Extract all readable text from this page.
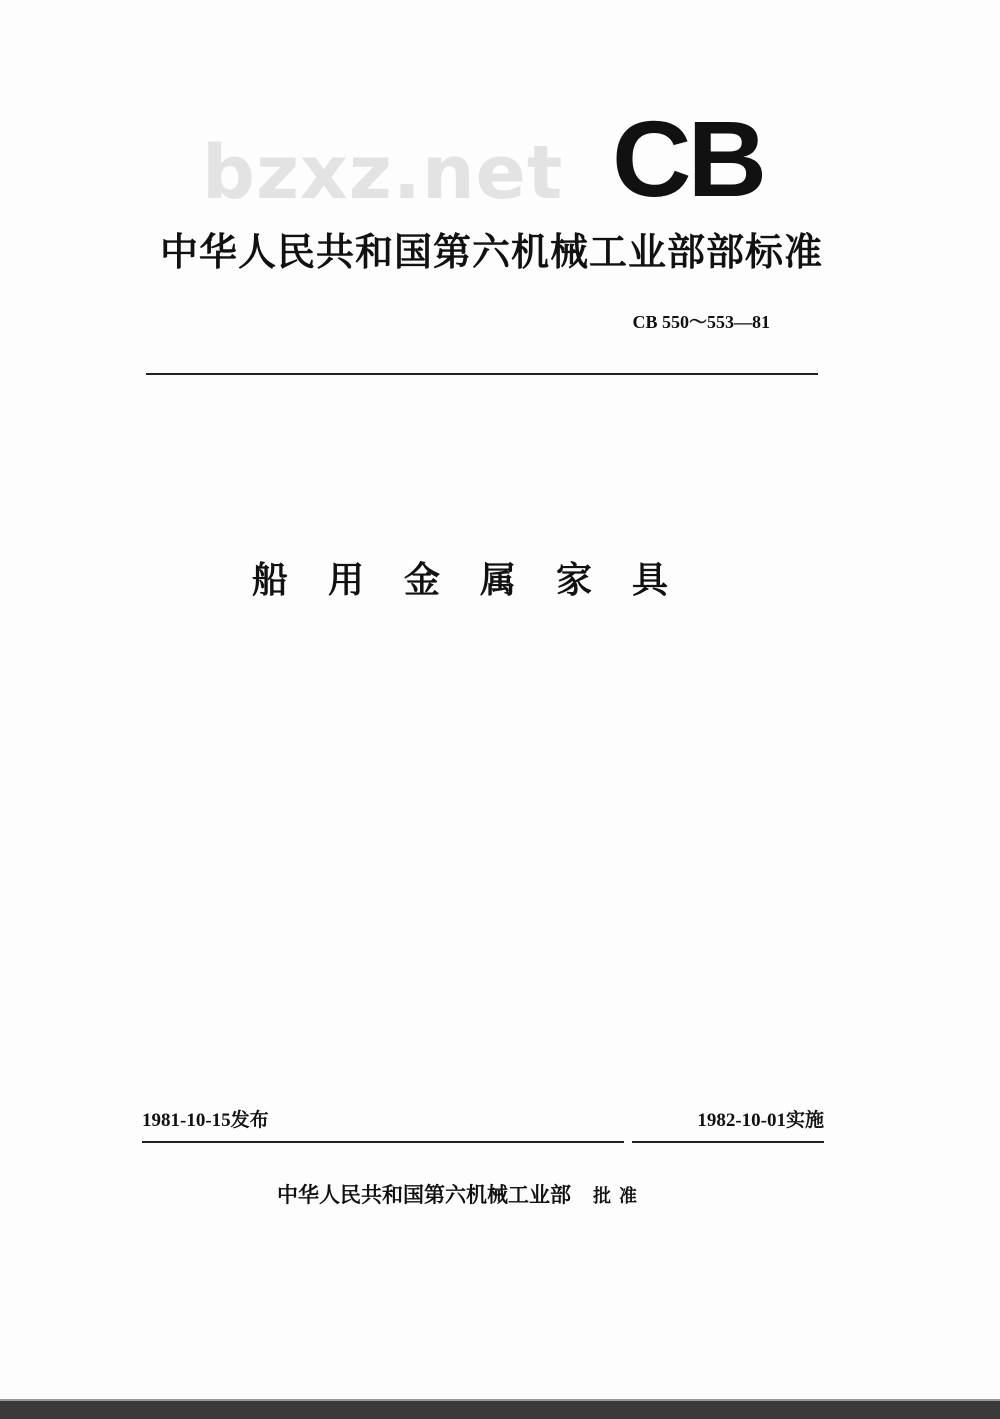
bzxz.net CB
中华人民共和国第六机械工业部部标准
CB 550～553—81
船用金属家具
1981-10-15发布	1982-10-01实施
中华人民共和国第六机械工业部 批准
